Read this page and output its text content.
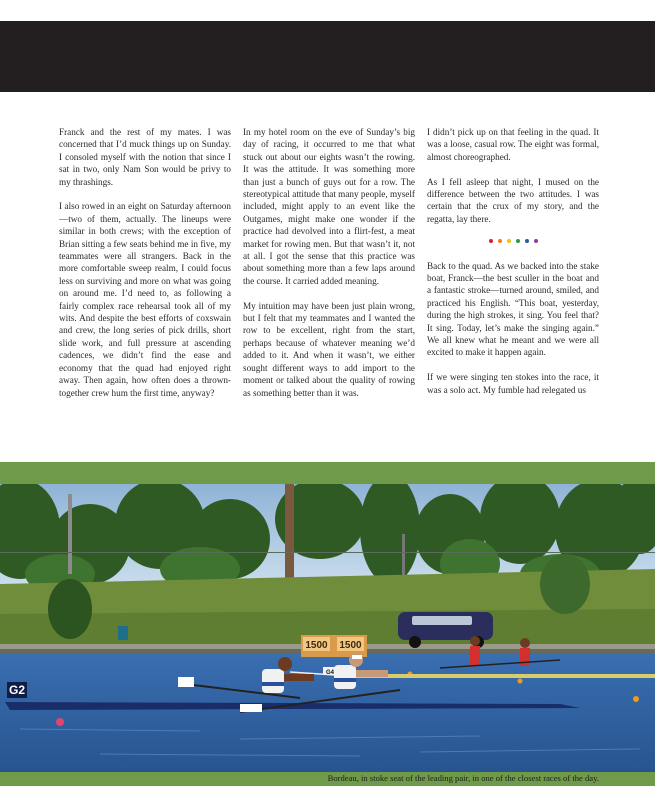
Franck and the rest of my mates. I was concerned that I’d muck things up on Sunday. I consoled myself with the notion that since I sat in two, only Nam Son would be privy to my thrashings.

I also rowed in an eight on Saturday afternoon—two of them, actually. The lineups were similar in both crews; with the exception of Brian sitting a few seats behind me in five, my teammates were all strangers. Back in the more comfortable sweep realm, I could focus less on surviving and more on what was going on around me. I’d need to, as following a fairly complex race rehearsal took all of my wits. And despite the best efforts of coxswain and crew, the long series of pick drills, short slide work, and full pressure at ascending cadences, we didn’t find the ease and economy that the quad had enjoyed right away. Then again, how often does a thrown-together crew hum the first time, anyway?

In my hotel room on the eve of Sunday’s big day of racing, it occurred to me that what stuck out about our eights wasn’t the rowing. It was the attitude. It was something more than just a bunch of guys out for a row. The stereotypical attitude that many people, myself included, might apply to an event like the Outgames, might make one wonder if the practice had devolved into a flirt-fest, a meat market for rowing men. But that wasn’t it, not at all. I got the sense that this practice was about something more than a few laps around the course. It carried added meaning.

My intuition may have been just plain wrong, but I felt that my teammates and I wanted the row to be excellent, right from the start, perhaps because of whatever meaning we’d added to it. And when it wasn’t, we either sought different ways to add import to the moment or talked about the quality of rowing as something better than it was.

I didn’t pick up on that feeling in the quad. It was a loose, casual row. The eight was formal, almost choreographed.

As I fell asleep that night, I mused on the difference between the two attitudes. I was certain that the crux of my story, and the regatta, lay there.

Back to the quad. As we backed into the stake boat, Franck—the best sculler in the boat and a fantastic stroke—turned around, smiled, and practiced his English. “This boat, yesterday, during the high strokes, it sing. You feel that? It sing. Today, let’s make the singing again.” We all knew what he meant and we were all excited to make it happen again.

If we were singing ten stokes into the race, it was a solo act. My fumble had relegated us

1500 1500
G4
G2
Bordeau, in stoke seat of the leading pair, in one of the closest races of the day.
